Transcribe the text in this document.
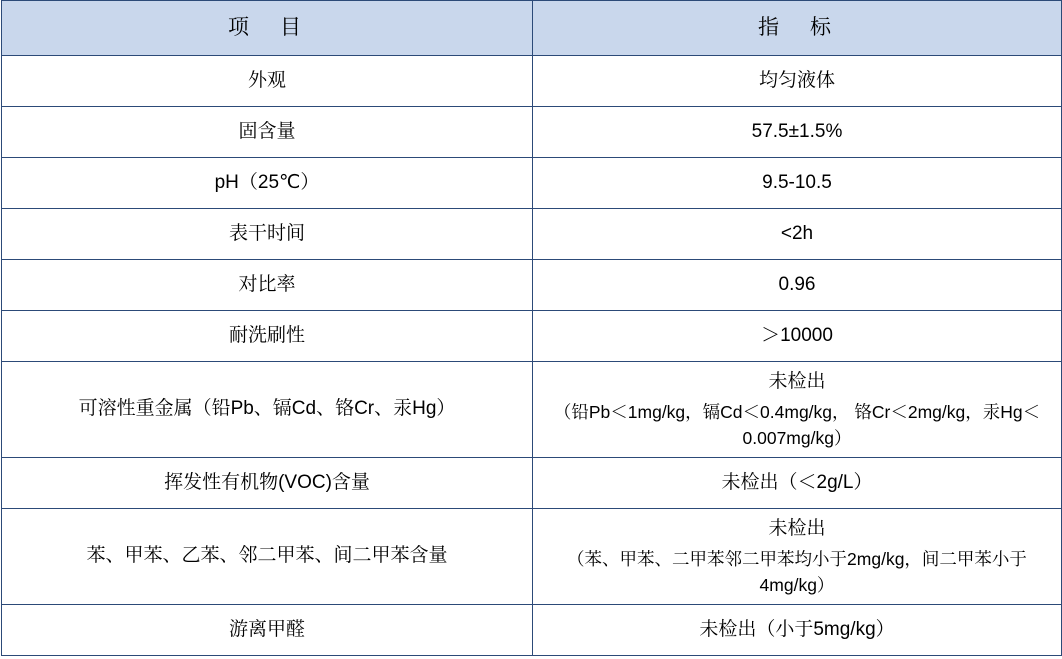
项　目	指　标
外观	均匀液体
固含量	57.5±1.5%
pH（25℃）	9.5-10.5
表干时间	<2h
对比率	0.96
耐洗刷性	＞10000
可溶性重金属（铅Pb、镉Cd、铬Cr、汞Hg）	未检出
（铅Pb＜1mg/kg，镉Cd＜0.4mg/kg， 铬Cr＜2mg/kg，汞Hg＜0.007mg/kg）

挥发性有机物(VOC)含量	未检出（＜2g/L）
苯、甲苯、乙苯、邻二甲苯、间二甲苯含量	未检出
（苯、甲苯、二甲苯邻二甲苯均小于2mg/kg，间二甲苯小于4mg/kg）

游离甲醛	未检出（小于5mg/kg）
